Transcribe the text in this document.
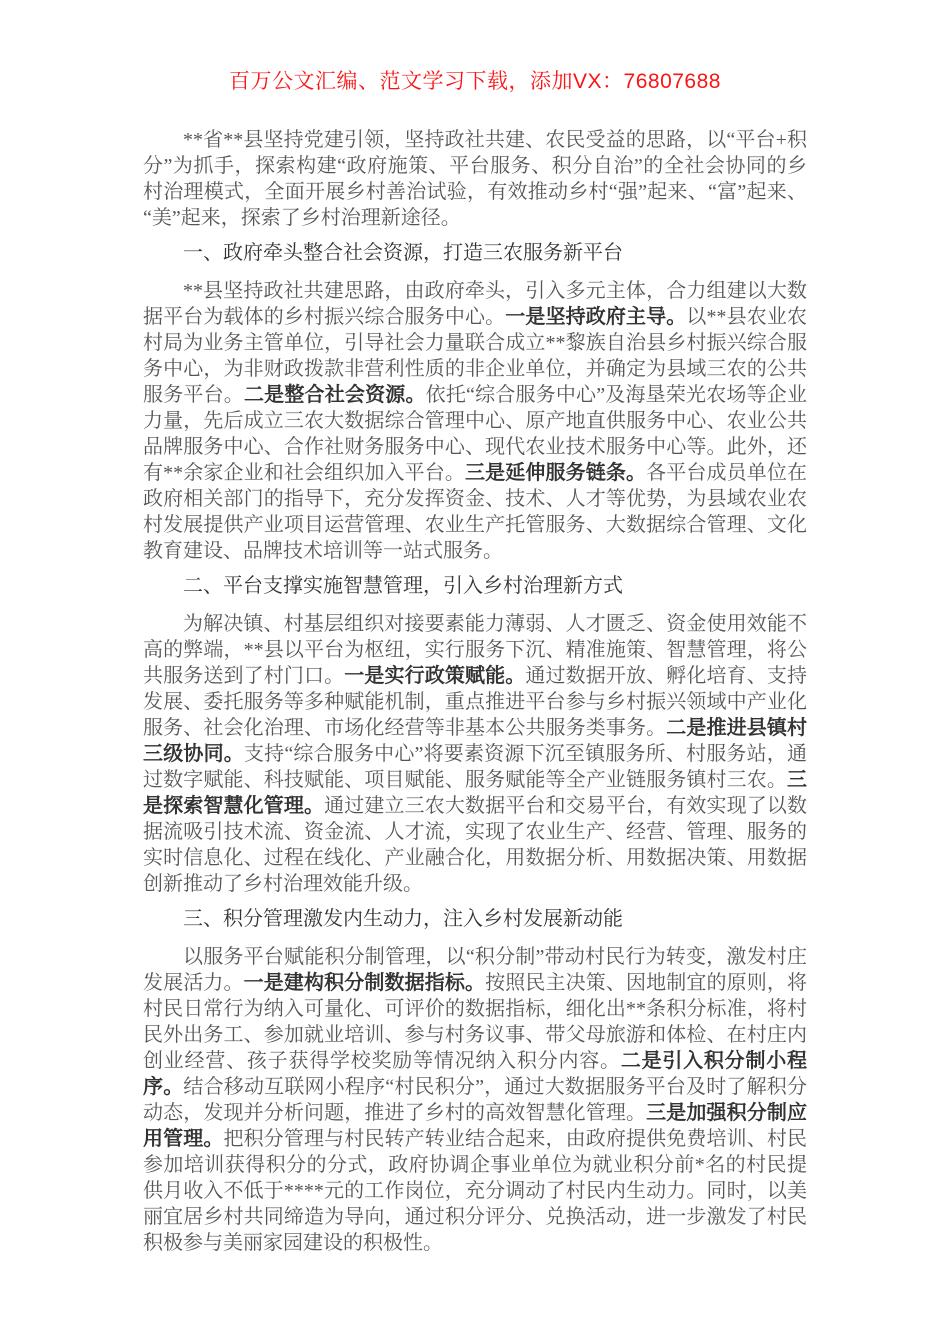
百万公文汇编、范文学习下载，添加VX：76807688

**省**县坚持党建引领，坚持政社共建、农民受益的思路，以“平台+积分”为抓手，探索构建“政府施策、平台服务、积分自治”的全社会协同的乡村治理模式，全面开展乡村善治试验，有效推动乡村“强”起来、“富”起来、“美”起来，探索了乡村治理新途径。

一、政府牵头整合社会资源，打造三农服务新平台

**县坚持政社共建思路，由政府牵头，引入多元主体，合力组建以大数据平台为载体的乡村振兴综合服务中心。一是坚持政府主导。以**县农业农村局为业务主管单位，引导社会力量联合成立**黎族自治县乡村振兴综合服务中心，为非财政拨款非营利性质的非企业单位，并确定为县域三农的公共服务平台。二是整合社会资源。依托“综合服务中心”及海垦荣光农场等企业力量，先后成立三农大数据综合管理中心、原产地直供服务中心、农业公共品牌服务中心、合作社财务服务中心、现代农业技术服务中心等。此外，还有**余家企业和社会组织加入平台。三是延伸服务链条。各平台成员单位在政府相关部门的指导下，充分发挥资金、技术、人才等优势，为县域农业农村发展提供产业项目运营管理、农业生产托管服务、大数据综合管理、文化教育建设、品牌技术培训等一站式服务。

二、平台支撑实施智慧管理，引入乡村治理新方式

为解决镇、村基层组织对接要素能力薄弱、人才匮乏、资金使用效能不高的弊端，**县以平台为枢纽，实行服务下沉、精准施策、智慧管理，将公共服务送到了村门口。一是实行政策赋能。通过数据开放、孵化培育、支持发展、委托服务等多种赋能机制，重点推进平台参与乡村振兴领域中产业化服务、社会化治理、市场化经营等非基本公共服务类事务。二是推进县镇村三级协同。支持“综合服务中心”将要素资源下沉至镇服务所、村服务站，通过数字赋能、科技赋能、项目赋能、服务赋能等全产业链服务镇村三农。三是探索智慧化管理。通过建立三农大数据平台和交易平台，有效实现了以数据流吸引技术流、资金流、人才流，实现了农业生产、经营、管理、服务的实时信息化、过程在线化、产业融合化，用数据分析、用数据决策、用数据创新推动了乡村治理效能升级。

三、积分管理激发内生动力，注入乡村发展新动能

以服务平台赋能积分制管理，以“积分制”带动村民行为转变，激发村庄发展活力。一是建构积分制数据指标。按照民主决策、因地制宜的原则，将村民日常行为纳入可量化、可评价的数据指标，细化出**条积分标准，将村民外出务工、参加就业培训、参与村务议事、带父母旅游和体检、在村庄内创业经营、孩子获得学校奖励等情况纳入积分内容。二是引入积分制小程序。结合移动互联网小程序“村民积分”，通过大数据服务平台及时了解积分动态，发现并分析问题，推进了乡村的高效智慧化管理。三是加强积分制应用管理。把积分管理与村民转产转业结合起来，由政府提供免费培训、村民参加培训获得积分的分式，政府协调企事业单位为就业积分前*名的村民提供月收入不低于****元的工作岗位，充分调动了村民内生动力。同时，以美丽宜居乡村共同缔造为导向，通过积分评分、兑换活动，进一步激发了村民积极参与美丽家园建设的积极性。
